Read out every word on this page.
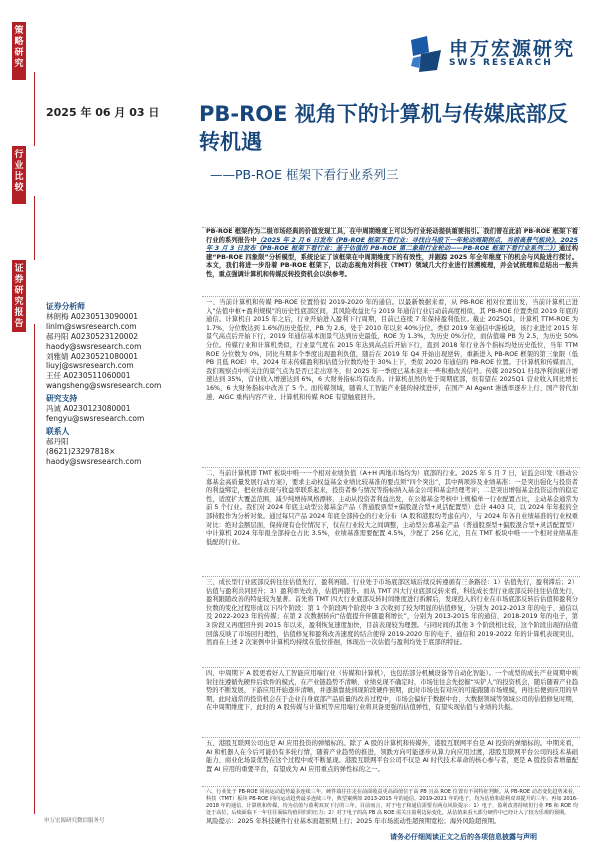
策略研究
行业比较
证券研究报告
申万宏源研究
SWS RESEARCH
2025 年 06 月 03 日 PB-ROE 视角下的计算机与传媒底部反转机遇
——PB-ROE 框架下看行业系列三
证券分析师
林朗梅 A0230513090001
linlm@swsresearch.com
郝丹阳 A0230523120002
haody@swsresearch.com
刘雅婧 A0230521080001
liuyj@swsresearch.com
王任 A0230511060001
wangsheng@swsresearch.com
研究支持
冯诚 A0230123080001
fengyu@swsresearch.com
联系人
郝丹阳
(8621)23297818×
haody@swsresearch.com
PB-ROE 框架作为二级市场经典的价值发现工具，在中周期维度上可以为行业轮动提供重要指引。我们曾在此前 PB-ROE 框架下看行业的系列报告中（2025 年 2 月 6 日发布《PB-ROE 框架下看行业：寻找白马股下一年轮动周期拐点，当前高景气板块》，2025 年 3 月 3 日发布《PB-ROE 框架下看行业：基于估值的 PB-ROE 第二象限行业轮动——PB-ROE 框架下看行业系列二》）通过构建“PB-ROE 四象限”分析模型，系统论证了该框架在中周期维度下的有效性，并跟踪 2025 年全年维度下的机会与风险进行探讨。本文，我们将进一步沿着 PB-ROE 框架下，以动态视角对科技（TMT）领域几大行业进行回溯梳理，并会试统理和总结出一般共性，重点强调计算机和传媒反转投资机会以供参考。
一、当前计算机和传媒 PB-ROE 位置恰似 2019-2020 年的通信。以最新数据来看，从 PB-ROE 相对位置出发，当前计算机已进入“估值中枢+盈利规模”的历史性底部区间，其风险收益比与 2019 年通信行业启动前高度相似，其 PB-ROE 位置类似 2019 年底的通信。计算机自 2015 年之后，行业开始进入盈利下行周期，目前已连续 7 年保持盈利低位。截止 2025Q1，计算机 TTM-ROE 为 1.7%，分位数达到 1.6%的历史低位，PB 为 2.6，处于 2010 年以来 40%分位。类似 2019 年通信中游板块，该行业进过 2015 年景气高点后开始下行，2019 年通信基本面景气达到历史最低，ROE 为 1.3%，为历史 0%分位，而估值端 PB 为 2.5，为历史 50%分位。传媒行业和计算机类似，行业景气度在 2015 年达到高点后开始下行，直到 2018 年行业各个指标均处历史低位，当年 TTM ROE 分位数为 0%，同比当期多个季度出现盈利负值，随后在 2019 年 Q4 开始出现逆转，重新进入 PB-ROE 框架的第三象限（低 PB 且低 ROE）中。2024 年末传媒盈利和估值分位数均处于 30%上下，类似 2020 年通信的 PB-ROE 位置。于计算机和传媒而言，我们观察点中所关注的景气点为是否已走出寒冬，但 2025 年一季度已基本迎来一些积极改善信号。传媒 2025Q1 归母净利润累计增速达到 35%，营业收入增速达到 6%，6 大财务指标均有改善。计算机虽然仍处于周期底部，但有望在 2025Q1 营业收入同比增长 16%，6 大财务指标中改善了 5 个。而传媒领域，随着人工智能产业链的持续进步，在国产 AI Agent 渗透率逐步上行、国产替代加速、AIGC 重构内容产业、计算机和传媒 ROE 有望触底回升。
二、当前计算机即 TMT 板块中唯一一个相对业绩负值（A+H 两地市场均为）底部的行业。2025 年 5 月 7 日，证监会印发《推动公募基金高质量发展行动方案》，要求主动权益基金业绩比较基准的要点须“四个突出”，其中两项涉及业绩基准：一是突出强化与投资者的利益绑定，把业绩表现与收益率联系起来，投资者参与情况等指标纳入基金公司和基金经理考评；二是突出增强基金投资运作的稳定性，适度扩大覆盖范围，减少纯增持风格漂移，主动从投资者利益出发，在公募基金考核中上规模单一行业配置占比，主动基金通常为前 5 个行业。我们对 2024 年底主动型公募基金产品（普通股票型+偏股混合型+灵活配置型）总计 4403 只，以 2024 年年报的全部持股作为分析对象。通过每只产品 2024 年底全部持仓的行业分布（A 股和港股均考虑在内），与 2024 年各自业绩基准的行业权重对比：绝对金额层面，保持现有仓位情况下，仅在行业较大之间调整，主动型公募基金产品（普通股票型+偏股混合型+灵活配置型）中计算机 2024 年年报全部持仓占比 3.5%，业绩基准需要配置 4.5%，少配了 256 亿元，且在 TMT 板块中唯一一个相对业绩基准低配的行业。
三、成长型行业底部反转往往估值先行，盈利再随。行业处于市场底部区域后续反转遵循有三条路径：1）估值先行，盈利滞后；2）估值与盈利共同回升；3）盈利率先改善，估值再跟升。而从 TMT 四大行业底部反转来看，科技成长型行业底部反转往往估值先行，盈利跟随改善的特征较为显著。首先将 TMT 四大行业底部反转时间维度进行拆解后，发现投入的行业在市场底部反转后估值和盈利分位数的变化过程形成以下四个阶段：第 1 个阶段两个阶段中 3 次收到了较为明显的估值修复，分别为 2012-2013 年的电子、通信以及 2022-2023 年的传媒；在第 2 次数据转向“估值提升伴随盈利增长”，分别为 2013-2015 年的通信、2018-2019 年的电子，第 3 阶段又再度回升到 2015 年以来，盈利恢复速度加快，目前表现较为理想。与同时间的其他 3 个阶段相比较，这个阶段出现的估值回落反映了市场回归理性，估值修复和盈利改善速度的结合使得 2019-2020 年的电子、通信和 2019-2022 年的计算机表现突出，然而在上述 2 次案例中计算机均持续在低位徘徊，体现出一次估值与盈利均处于底部的特征。
四、中周期下 A 股更看好人工智能应用端行业（传媒和计算机），也包括部分机械设备等自动化智能）。一个成型的成长产业周期中映射往往遵循先硬件后软件的模式，在产业链趋势不清晰、业绩兑现不确定时，市场往往会先挖掘“实铲人”的投资机会，随后随着产业趋势的不断发展，下游应用开始逐步清晰，并逐渐靠拢到现阶段硬件预期，此时市场也有对应的可能跟随市场规模，再往后便到应用的早期，此时通常的投资机会在于企业自身底部产品质量的改善过程中，市场会偏好于数据中台、大数据领域等领域公司的估值修复时期，在中周期维度下，此时的 A 股传媒与计算机等应用端行业将具备更强的估值弹性，有望实现估值与业绩的共振。
五、港股互联网公司也是 AI 应用投资的弹缩标的。除了 A 股的计算机和传媒外，港股互联网平台是 AI 投资的弹缩标的。中期来看，AI 和机器人在今后可能仍有多轮行情，随着产业趋势的推进，领跌方向可能逐步从算力向应用过渡，港股互联网平台公司的技术基础能力、商业化场景优势在这个过程中或不断显现。港股互联网平台公司不仅是 AI 时代技术革命的核心参与者，更是 A 股投资者增量配置 AI 应用的重要平台，有望成为 AI 应用重点的弹性标的之一。
六、行业处于 PB-ROE 同向运动趋势最多连续三年，硬件端往往走在前面收益更高面值位于高 PB 且高 ROE 位置有不同特征判断。从 PB-ROE 动态变化趋势来看，科技（TMT）板块 PB-ROE 同向运动趋势最多连续三年，典型案例如 2013-2015 年的通信、2019-2021 年的电子，均为估值和盈利双双提升的三年。再如 2016-2018 年的通信、计算机和传媒，均为估值与盈利双双下行的三年。目前而言，对于电子和通信需要有两点风险提示：1）电子，盈利改善持续但行业 PB 和 ROE 均处于高位，后续面临下一年往往面临均值回归的压力；2）对于电子的高 PB 高 ROE 需关注盈利边际变化，从估值来看大部分硬件中已经计入了较为乐观的预期。
风险提示：2025 年科技硬件行业基本面超预期上行；2025 年市场流动性超预期宽松；海外风险超预期。
申万宏源研究微信服务号
请务必仔细阅读正文之后的各项信息披露与声明
